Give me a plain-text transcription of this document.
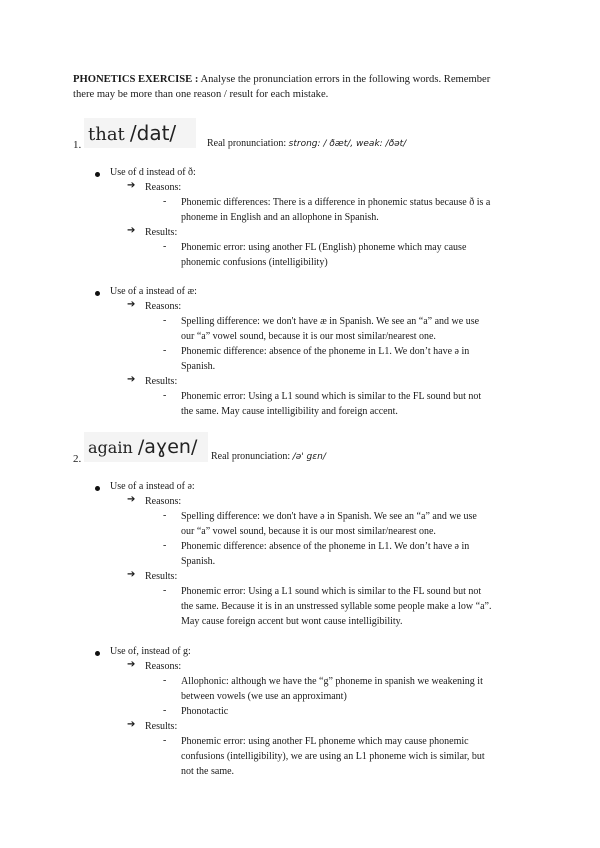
PHONETICS EXERCISE : Analyse the pronunciation errors in the following words. Remember
there may be more than one reason / result for each mistake.
1. that /dat/	Real pronunciation: strong: / ðæt/, weak: /ðət/
Use of d instead of ð:
➔ Reasons:
- Phonemic differences: There is a difference in phonemic status because ð is a
phoneme in English and an allophone in Spanish.
➔ Results:
- Phonemic error: using another FL (English) phoneme which may cause
phonemic confusions (intelligibility)
Use of a instead of æ:
➔ Reasons:
- Spelling difference: we don't have æ in Spanish. We see an “a” and we use
our “a” vowel sound, because it is our most similar/nearest one.
- Phonemic difference: absence of the phoneme in L1. We don’t have ə in
Spanish.
➔ Results:
- Phonemic error: Using a L1 sound which is similar to the FL sound but not
the same. May cause intelligibility and foreign accent.
2.
again /aɣen/	Real pronunciation: /ə' gɛn/
Use of a instead of ə:
➔ Reasons:
- Spelling difference: we don't have ə in Spanish. We see an “a” and we use
our “a” vowel sound, because it is our most similar/nearest one.
- Phonemic difference: absence of the phoneme in L1. We don’t have ə in
Spanish.
➔ Results:
- Phonemic error: Using a L1 sound which is similar to the FL sound but not
the same. Because it is in an unstressed syllable some people make a low “a”.
May cause foreign accent but wont cause intelligibility.
Use of, instead of g:
➔ Reasons:
- Allophonic: although we have the “g” phoneme in spanish we weakening it
between vowels (we use an approximant)
- Phonotactic
➔ Results:
- Phonemic error: using another FL phoneme which may cause phonemic
confusions (intelligibility), we are using an L1 phoneme wich is similar, but
not the same.
